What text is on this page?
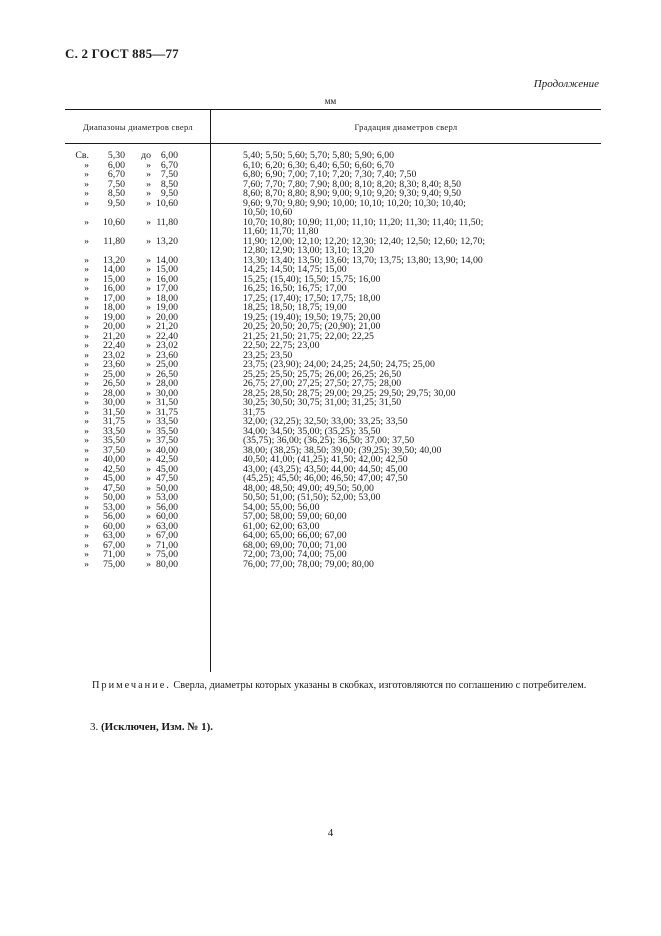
С. 2 ГОСТ 885—77
Продолжение
мм
Диапазоны диаметров сверл	Градация диаметров сверл
Св. 5,30 до 6,00	5,40; 5,50; 5,60; 5,70; 5,80; 5,90; 6,00
» 6,00 » 6,70	6,10; 6,20; 6,30; 6,40; 6,50; 6,60; 6,70
» 6,70 » 7,50	6,80; 6,90; 7,00; 7,10; 7,20; 7,30; 7,40; 7,50
» 7,50 » 8,50	7,60; 7,70; 7,80; 7,90; 8,00; 8,10; 8,20; 8,30; 8,40; 8,50
» 8,50 » 9,50	8,60; 8,70; 8,80; 8,90; 9,00; 9,10; 9,20; 9,30; 9,40; 9,50
» 9,50 » 10,60	9,60; 9,70; 9,80; 9,90; 10,00; 10,10; 10,20; 10,30; 10,40;
10,50; 10,60
» 10,60 » 11,80	10,70; 10,80; 10,90; 11,00; 11,10; 11,20; 11,30; 11,40; 11,50;
11,60; 11,70; 11,80
» 11,80 » 13,20	11,90; 12,00; 12,10; 12,20; 12,30; 12,40; 12,50; 12,60; 12,70;
12,80; 12,90; 13,00; 13,10; 13,20
» 13,20 » 14,00	13,30; 13,40; 13,50; 13,60; 13,70; 13,75; 13,80; 13,90; 14,00
» 14,00 » 15,00	14,25; 14,50; 14,75; 15,00
» 15,00 » 16,00	15,25; (15,40); 15,50; 15,75; 16,00
» 16,00 » 17,00	16,25; 16,50; 16,75; 17,00
» 17,00 » 18,00	17,25; (17,40); 17,50; 17,75; 18,00
» 18,00 » 19,00	18,25; 18,50; 18,75; 19,00
» 19,00 » 20,00	19,25; (19,40); 19,50; 19,75; 20,00
» 20,00 » 21,20	20,25; 20,50; 20,75; (20,90); 21,00
» 21,20 » 22,40	21,25; 21,50; 21,75; 22,00; 22,25
» 22,40 » 23,02	22,50; 22,75; 23,00
» 23,02 » 23,60	23,25; 23,50
» 23,60 » 25,00	23,75; (23,90); 24,00; 24,25; 24,50; 24,75; 25,00
» 25,00 » 26,50	25,25; 25,50; 25,75; 26,00; 26,25; 26,50
» 26,50 » 28,00	26,75; 27,00; 27,25; 27,50; 27,75; 28,00
» 28,00 » 30,00	28,25; 28,50; 28,75; 29,00; 29,25; 29,50; 29,75; 30,00
» 30,00 » 31,50	30,25; 30,50; 30,75; 31,00; 31,25; 31,50
» 31,50 » 31,75	31,75
» 31,75 » 33,50	32,00; (32,25); 32,50; 33,00; 33,25; 33,50
» 33,50 » 35,50	34,00; 34,50; 35,00; (35,25); 35,50
» 35,50 » 37,50	(35,75); 36,00; (36,25); 36,50; 37,00; 37,50
» 37,50 » 40,00	38,00; (38,25); 38,50; 39,00; (39,25); 39,50; 40,00
» 40,00 » 42,50	40,50; 41,00; (41,25); 41,50; 42,00; 42,50
» 42,50 » 45,00	43,00; (43,25); 43,50; 44,00; 44,50; 45,00
» 45,00 » 47,50	(45,25); 45,50; 46,00; 46,50; 47,00; 47,50
» 47,50 » 50,00	48,00; 48,50; 49,00; 49,50; 50,00
» 50,00 » 53,00	50,50; 51,00; (51,50); 52,00; 53,00
» 53,00 » 56,00	54,00; 55,00; 56,00
» 56,00 » 60,00	57,00; 58,00; 59,00; 60,00
» 60,00 » 63,00	61,00; 62,00; 63,00
» 63,00 » 67,00	64,00; 65,00; 66,00; 67,00
» 67,00 » 71,00	68,00; 69,00; 70,00; 71,00
» 71,00 » 75,00	72,00; 73,00; 74,00; 75,00
» 75,00 » 80,00	76,00; 77,00; 78,00; 79,00; 80,00
Примечание. Сверла, диаметры которых указаны в скобках, изготовляются по соглашению с потребителем.
3. (Исключен, Изм. № 1).
4
